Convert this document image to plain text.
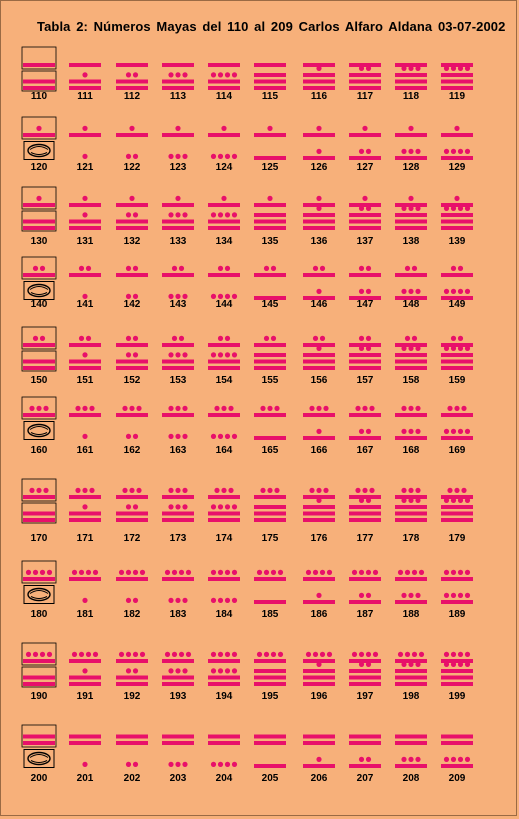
Tabla 2: Números Mayas del 110 al 209 Carlos Alfaro Aldana 03-07-2002
110	111	112	113	114	115	116	117	118	119
120	121	122	123	124	125	126	127	128	129
130	131	132	133	134	135	136	137	138	139
140	141	142	143	144	145	146	147	148	149
150	151	152	153	154	155	156	157	158	159
160	161	162	163	164	165	166	167	168	169
170	171	172	173	174	175	176	177	178	179
180	181	182	183	184	185	186	187	188	189
190	191	192	193	194	195	196	197	198	199
200	201	202	203	204	205	206	207	208	209
